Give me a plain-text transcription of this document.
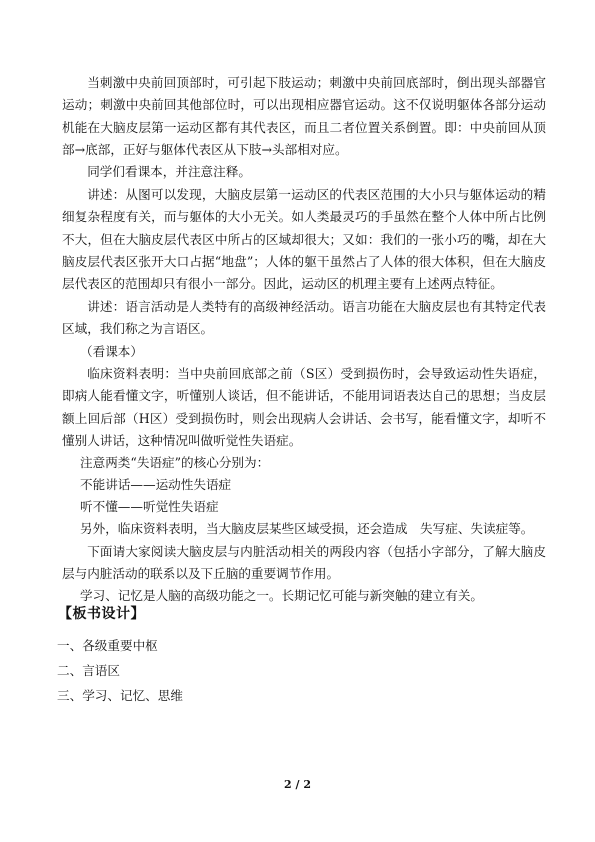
当刺激中央前回顶部时，可引起下肢运动；刺激中央前回底部时，倒出现头部器官运动；刺激中央前回其他部位时，可以出现相应器官运动。这不仅说明躯体各部分运动机能在大脑皮层第一运动区都有其代表区，而且二者位置关系倒置。即：中央前回从顶部→底部，正好与躯体代表区从下肢→头部相对应。

同学们看课本，并注意注释。

讲述：从图可以发现，大脑皮层第一运动区的代表区范围的大小只与躯体运动的精细复杂程度有关，而与躯体的大小无关。如人类最灵巧的手虽然在整个人体中所占比例不大，但在大脑皮层代表区中所占的区域却很大；又如：我们的一张小巧的嘴，却在大脑皮层代表区张开大口占据“地盘”；人体的躯干虽然占了人体的很大体积，但在大脑皮层代表区的范围却只有很小一部分。因此，运动区的机理主要有上述两点特征。

讲述：语言活动是人类特有的高级神经活动。语言功能在大脑皮层也有其特定代表区域，我们称之为言语区。

（看课本）

临床资料表明：当中央前回底部之前（S区）受到损伤时，会导致运动性失语症，即病人能看懂文字，听懂别人谈话，但不能讲话，不能用词语表达自己的思想；当皮层额上回后部（H区）受到损伤时，则会出现病人会讲话、会书写，能看懂文字，却听不懂别人讲话，这种情况叫做听觉性失语症。

注意两类“失语症”的核心分别为：

不能讲话——运动性失语症

听不懂——听觉性失语症

另外，临床资料表明，当大脑皮层某些区域受损，还会造成　失写症、失读症等。

下面请大家阅读大脑皮层与内脏活动相关的两段内容（包括小字部分，了解大脑皮层与内脏活动的联系以及下丘脑的重要调节作用。

学习、记忆是人脑的高级功能之一。长期记忆可能与新突触的建立有关。

【板书设计】

一、各级重要中枢

二、言语区

三、学习、记忆、思维

2 / 2
